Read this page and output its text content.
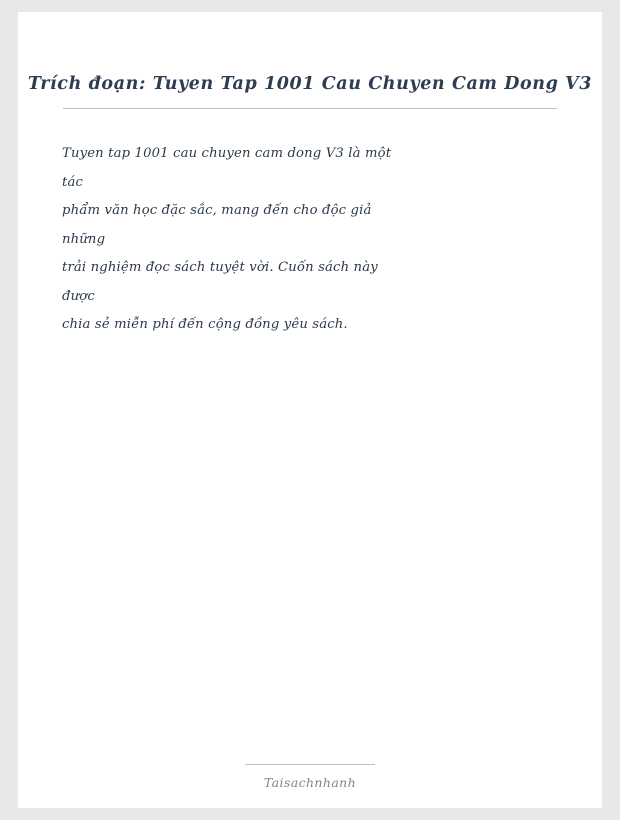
Trích đoạn: Tuyen Tap 1001 Cau Chuyen Cam Dong V3
Tuyen tap 1001 cau chuyen cam dong V3 là một
tác
phẩm văn học đặc sắc, mang đến cho độc giả
những
trải nghiệm đọc sách tuyệt vời. Cuốn sách này
được
chia sẻ miễn phí đến cộng đồng yêu sách.
Taisachnhanh
